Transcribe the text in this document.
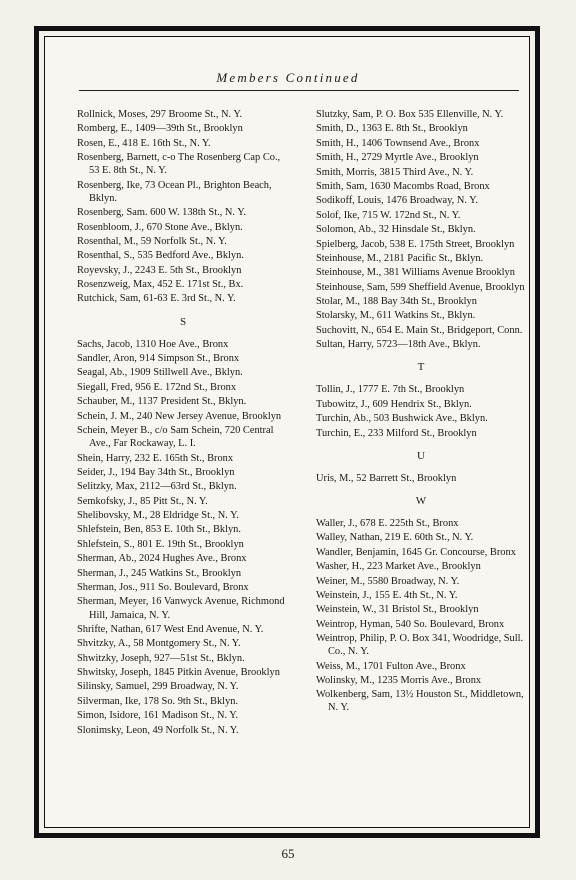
Members Continued
Rollnick, Moses, 297 Broome St., N. Y.
Romberg, E., 1409—39th St., Brooklyn
Rosen, E., 418 E. 16th St., N. Y.
Rosenberg, Barnett, c-o The Rosenberg Cap Co., 53 E. 8th St., N. Y.
Rosenberg, Ike, 73 Ocean Pl., Brighton Beach, Bklyn.
Rosenberg, Sam. 600 W. 138th St., N. Y.
Rosenbloom, J., 670 Stone Ave., Bklyn.
Rosenthal, M., 59 Norfolk St., N. Y.
Rosenthal, S., 535 Bedford Ave., Bklyn.
Royevsky, J., 2243 E. 5th St., Brooklyn
Rosenzweig, Max, 452 E. 171st St., Bx.
Rutchick, Sam, 61-63 E. 3rd St., N. Y.
S
Sachs, Jacob, 1310 Hoe Ave., Bronx
Sandler, Aron, 914 Simpson St., Bronx
Seagal, Ab., 1909 Stillwell Ave., Bklyn.
Siegall, Fred, 956 E. 172nd St., Bronx
Schauber, M., 1137 President St., Bklyn.
Schein, J. M., 240 New Jersey Avenue, Brooklyn
Schein, Meyer B., c/o Sam Schein, 720 Central Ave., Far Rockaway, L. I.
Shein, Harry, 232 E. 165th St., Bronx
Seider, J., 194 Bay 34th St., Brooklyn
Selitzky, Max, 2112—63rd St., Bklyn.
Semkofsky, J., 85 Pitt St., N. Y.
Shelibovsky, M., 28 Eldridge St., N. Y.
Shlefstein, Ben, 853 E. 10th St., Bklyn.
Shlefstein, S., 801 E. 19th St., Brooklyn
Sherman, Ab., 2024 Hughes Ave., Bronx
Sherman, J., 245 Watkins St., Brooklyn
Sherman, Jos., 911 So. Boulevard, Bronx
Sherman, Meyer, 16 Vanwyck Avenue, Richmond Hill, Jamaica, N. Y.
Shrifte, Nathan, 617 West End Avenue, N. Y.
Shvitzky, A., 58 Montgomery St., N. Y.
Shwitzky, Joseph, 927—51st St., Bklyn.
Shwitsky, Joseph, 1845 Pitkin Avenue, Brooklyn
Silinsky, Samuel, 299 Broadway, N. Y.
Silverman, Ike, 178 So. 9th St., Bklyn.
Simon, Isidore, 161 Madison St., N. Y.
Slonimsky, Leon, 49 Norfolk St., N. Y.
Slutzky, Sam, P. O. Box 535 Ellenville, N. Y.
Smith, D., 1363 E. 8th St., Brooklyn
Smith, H., 1406 Townsend Ave., Bronx
Smith, H., 2729 Myrtle Ave., Brooklyn
Smith, Morris, 3815 Third Ave., N. Y.
Smith, Sam, 1630 Macombs Road, Bronx
Sodikoff, Louis, 1476 Broadway, N. Y.
Solof, Ike, 715 W. 172nd St., N. Y.
Solomon, Ab., 32 Hinsdale St., Bklyn.
Spielberg, Jacob, 538 E. 175th Street, Brooklyn
Steinhouse, M., 2181 Pacific St., Bklyn.
Steinhouse, M., 381 Williams Avenue Brooklyn
Steinhouse, Sam, 599 Sheffield Avenue, Brooklyn
Stolar, M., 188 Bay 34th St., Brooklyn
Stolarsky, M., 611 Watkins St., Bklyn.
Suchovitt, N., 654 E. Main St., Bridgeport, Conn.
Sultan, Harry, 5723—18th Ave., Bklyn.
T
Tollin, J., 1777 E. 7th St., Brooklyn
Tubowitz, J., 609 Hendrix St., Bklyn.
Turchin, Ab., 503 Bushwick Ave., Bklyn.
Turchin, E., 233 Milford St., Brooklyn
U
Uris, M., 52 Barrett St., Brooklyn
W
Waller, J., 678 E. 225th St., Bronx
Walley, Nathan, 219 E. 60th St., N. Y.
Wandler, Benjamin, 1645 Gr. Concourse, Bronx
Washer, H., 223 Market Ave., Brooklyn
Weiner, M., 5580 Broadway, N. Y.
Weinstein, J., 155 E. 4th St., N. Y.
Weinstein, W., 31 Bristol St., Brooklyn
Weintrop, Hyman, 540 So. Boulevard, Bronx
Weintrop, Philip, P. O. Box 341, Woodridge, Sull. Co., N. Y.
Weiss, M., 1701 Fulton Ave., Bronx
Wolinsky, M., 1235 Morris Ave., Bronx
Wolkenberg, Sam, 13½ Houston St., Middletown, N. Y.
65
